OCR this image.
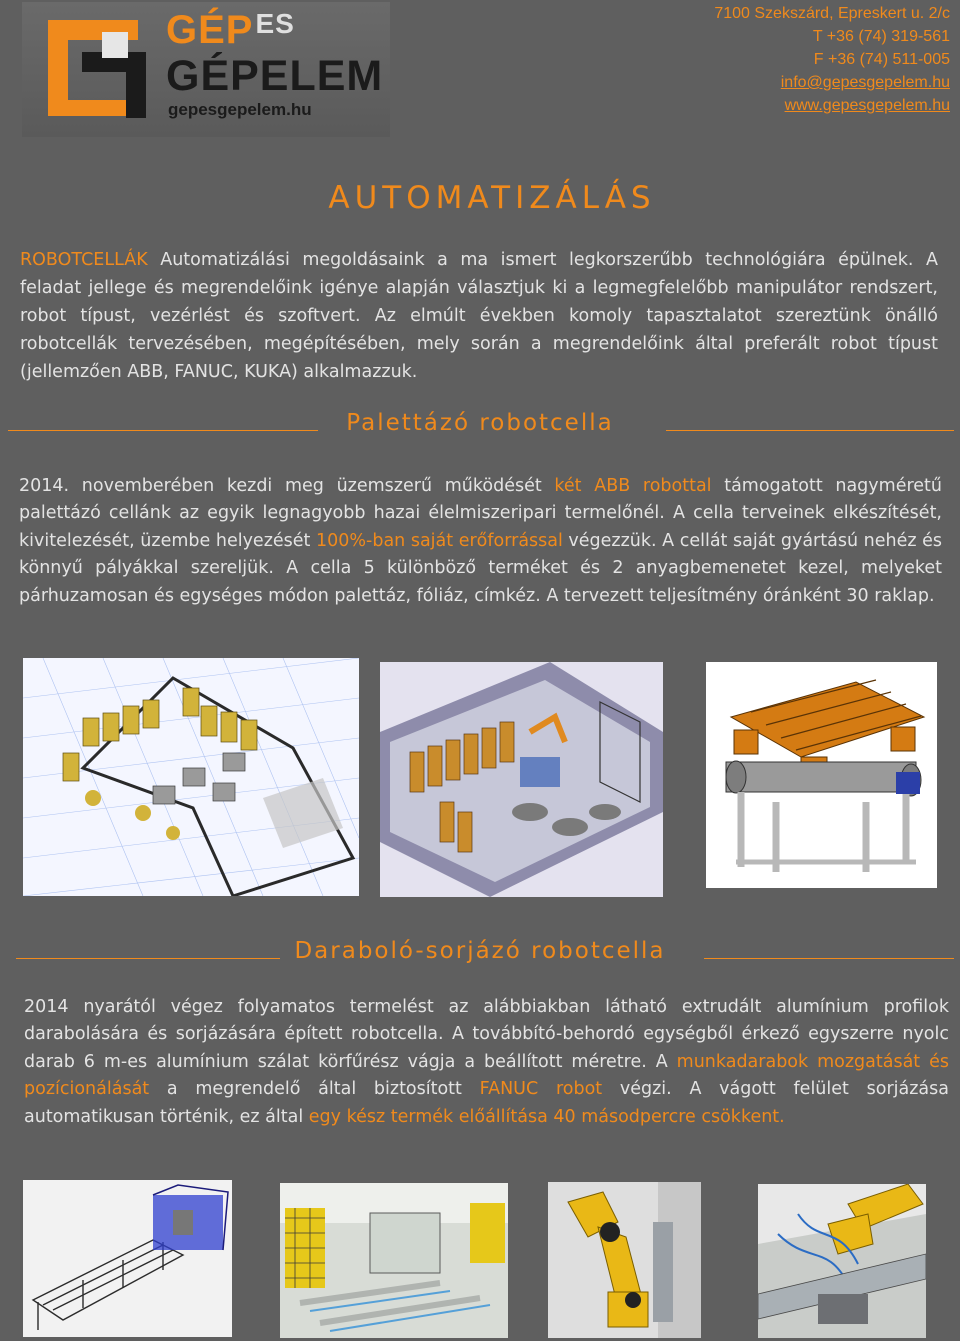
$GÉP^{ES}$
GÉPELEM
gepesgepelem.hu
7100 Szekszárd, Epreskert u. 2/c
T +36 (74) 319-561
F +36 (74) 511-005
info@gepesgepelem.hu
www.gepesgepelem.hu
AUTOMATIZÁLÁS

ROBOTCELLÁK Automatizálási megoldásaink a ma ismert legkorszerűbb technológiára épülnek. A feladat jellege és megrendelőink igénye alapján választjuk ki a legmegfelelőbb manipulátor rendszert, robot típust, vezérlést és szoftvert. Az elmúlt években komoly tapasztalatot szereztünk önálló robotcellák tervezésében, megépítésében, mely során a megrendelőink által preferált robot típust (jellemzően ABB, FANUC, KUKA) alkalmazzuk.

Palettázó robotcella

2014. novemberében kezdi meg üzemszerű működését két ABB robottal támogatott nagyméretű palettázó cellánk az egyik legnagyobb hazai élelmiszeripari termelőnél. A cella terveinek elkészítését, kivitelezését, üzembe helyezését 100%-ban saját erőforrással végezzük. A cellát saját gyártású nehéz és könnyű pályákkal szereljük. A cella 5 különböző terméket és 2 anyagbemenetet kezel, melyeket párhuzamosan és egységes módon palettáz, fóliáz, címkéz. A tervezett teljesítmény óránként 30 raklap.

Daraboló-sorjázó robotcella

2014 nyarától végez folyamatos termelést az alábbiakban látható extrudált alumínium profilok darabolására és sorjázására épített robotcella. A továbbító-behordó egységből érkező egyszerre nyolc darab 6 m-es alumínium szálat körfűrész vágja a beállított méretre. A munkadarabok mozgatását és pozícionálását a megrendelő által biztosított FANUC robot végzi. A vágott felület sorjázása automatikusan történik, ez által egy kész termék előállítása 40 másodpercre csökkent.
